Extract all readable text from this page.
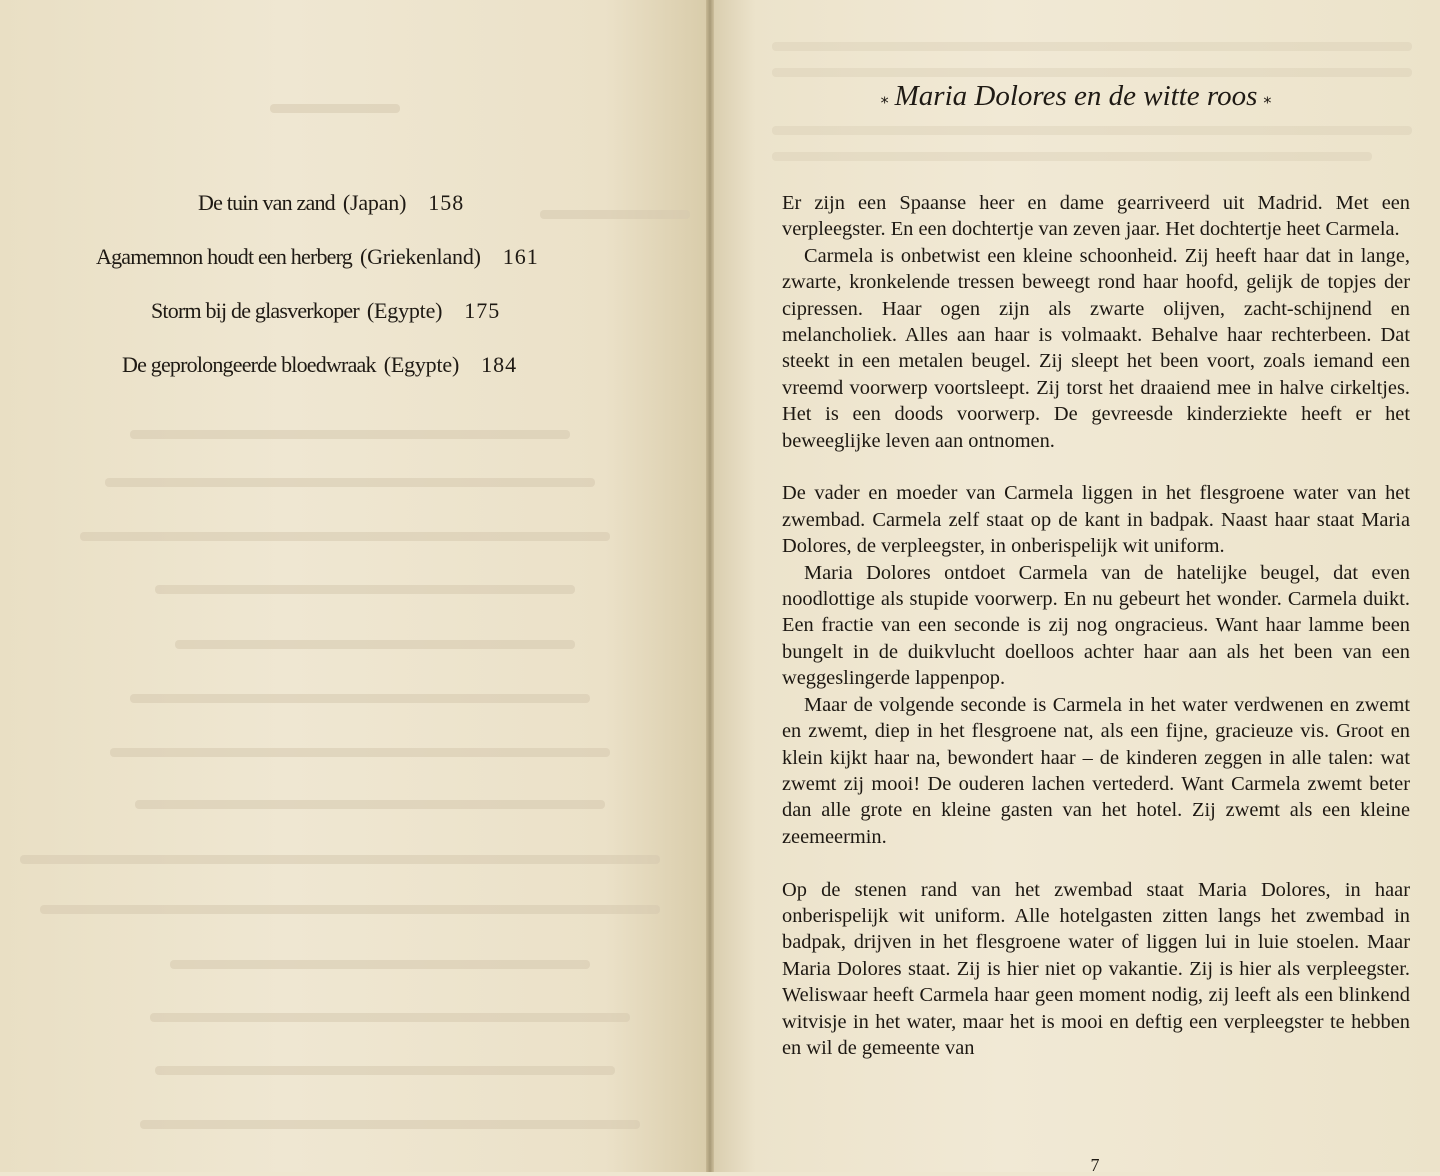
De tuin van zand (Japan) 158
Agamemnon houdt een herberg (Griekenland) 161
Storm bij de glasverkoper (Egypte) 175
De geprolongeerde bloedwraak (Egypte) 184
⁎ Maria Dolores en de witte roos ⁎

Er zijn een Spaanse heer en dame gearriveerd uit Madrid. Met een verpleegster. En een dochtertje van zeven jaar. Het dochtertje heet Carmela.

Carmela is onbetwist een kleine schoonheid. Zij heeft haar dat in lange, zwarte, kronkelende tressen beweegt rond haar hoofd, gelijk de topjes der cipressen. Haar ogen zijn als zwarte olijven, zacht-schijnend en melancholiek. Alles aan haar is volmaakt. Behalve haar rechterbeen. Dat steekt in een metalen beugel. Zij sleept het been voort, zoals iemand een vreemd voorwerp voortsleept. Zij torst het draaiend mee in halve cirkeltjes. Het is een doods voorwerp. De gevreesde kinderziekte heeft er het beweeglijke leven aan ontnomen.

De vader en moeder van Carmela liggen in het flesgroene water van het zwembad. Carmela zelf staat op de kant in badpak. Naast haar staat Maria Dolores, de verpleegster, in onberispelijk wit uniform.

Maria Dolores ontdoet Carmela van de hatelijke beugel, dat even noodlottige als stupide voorwerp. En nu gebeurt het wonder. Carmela duikt. Een fractie van een seconde is zij nog ongracieus. Want haar lamme been bungelt in de duikvlucht doelloos achter haar aan als het been van een weggeslingerde lappenpop.

Maar de volgende seconde is Carmela in het water verdwenen en zwemt en zwemt, diep in het flesgroene nat, als een fijne, gracieuze vis. Groot en klein kijkt haar na, bewondert haar – de kinderen zeggen in alle talen: wat zwemt zij mooi! De ouderen lachen vertederd. Want Carmela zwemt beter dan alle grote en kleine gasten van het hotel. Zij zwemt als een kleine zeemeermin.

Op de stenen rand van het zwembad staat Maria Dolores, in haar onberispelijk wit uniform. Alle hotelgasten zitten langs het zwembad in badpak, drijven in het flesgroene water of liggen lui in luie stoelen. Maar Maria Dolores staat. Zij is hier niet op vakantie. Zij is hier als verpleegster. Weliswaar heeft Carmela haar geen moment nodig, zij leeft als een blinkend witvisje in het water, maar het is mooi en deftig een verpleegster te hebben en wil de gemeente van

7
